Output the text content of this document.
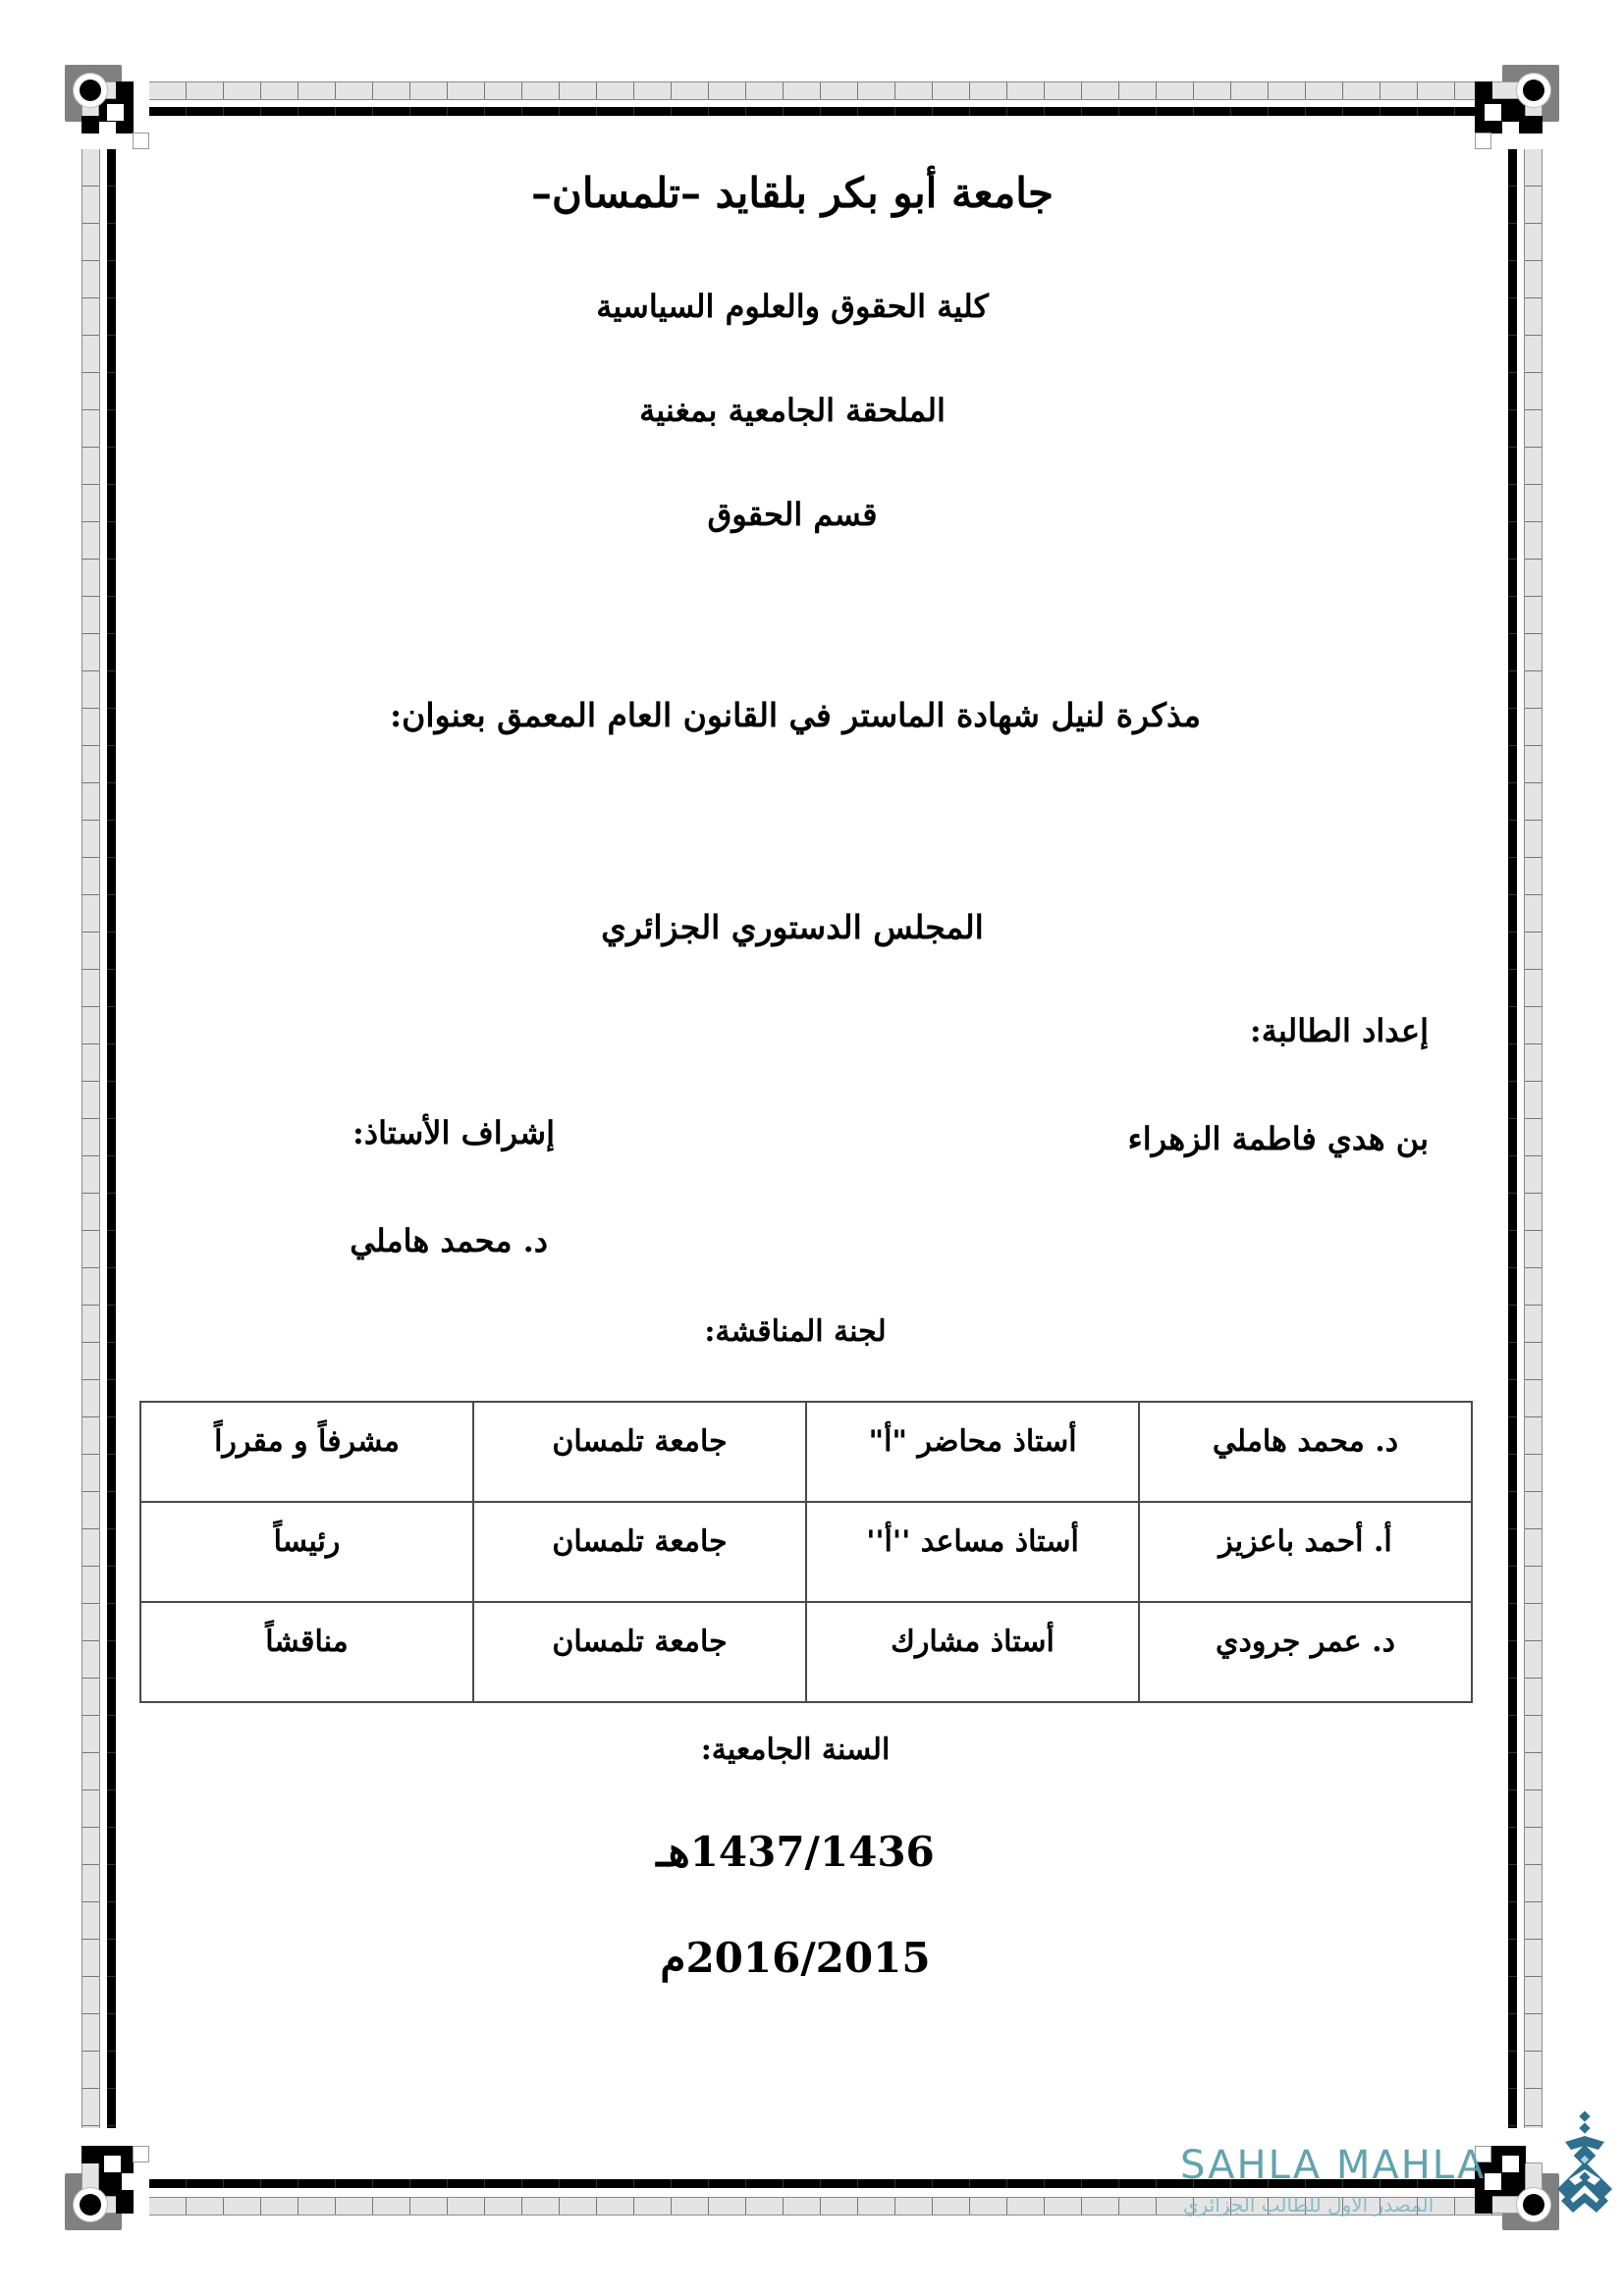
جامعة أبو بكر بلقايد –تلمسان–
كلية الحقوق والعلوم السياسية
الملحقة الجامعية بمغنية
قسم الحقوق
مذكرة لنيل شهادة الماستر في القانون العام المعمق بعنوان:
المجلس الدستوري الجزائري
إعداد الطالبة:
بن هدي فاطمة الزهراء
إشراف الأستاذ:
د. محمد هاملي
لجنة المناقشة:
د. محمد هاملي	أستاذ محاضر "أ"	جامعة تلمسان	مشرفاً و مقرراً
أ. أحمد باعزيز	أستاذ مساعد ''أ''	جامعة تلمسان	رئيساً
د. عمر جرودي	أستاذ مشارك	جامعة تلمسان	مناقشاً
السنة الجامعية:
1437/1436هـ
2016/2015م
SAHLA MAHLA
المصدر الاول للطالب الجزائري
